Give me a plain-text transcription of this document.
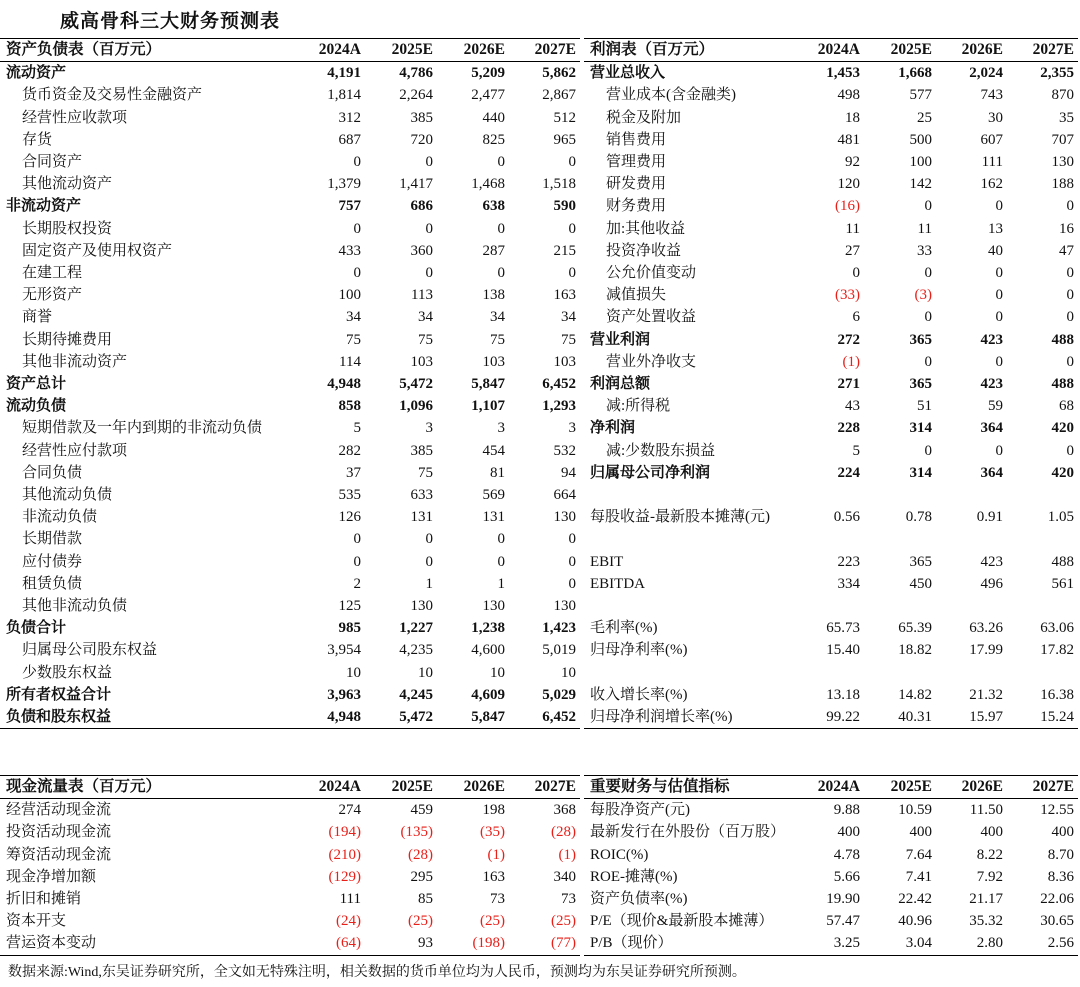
威高骨科三大财务预测表
资产负债表（百万元）	2024A	2025E	2026E	2027E
流动资产	4,191	4,786	5,209	5,862
货币资金及交易性金融资产	1,814	2,264	2,477	2,867
经营性应收款项	312	385	440	512
存货	687	720	825	965
合同资产	0	0	0	0
其他流动资产	1,379	1,417	1,468	1,518
非流动资产	757	686	638	590
长期股权投资	0	0	0	0
固定资产及使用权资产	433	360	287	215
在建工程	0	0	0	0
无形资产	100	113	138	163
商誉	34	34	34	34
长期待摊费用	75	75	75	75
其他非流动资产	114	103	103	103
资产总计	4,948	5,472	5,847	6,452
流动负债	858	1,096	1,107	1,293
短期借款及一年内到期的非流动负债	5	3	3	3
经营性应付款项	282	385	454	532
合同负债	37	75	81	94
其他流动负债	535	633	569	664
非流动负债	126	131	131	130
长期借款	0	0	0	0
应付债券	0	0	0	0
租赁负债	2	1	1	0
其他非流动负债	125	130	130	130
负债合计	985	1,227	1,238	1,423
归属母公司股东权益	3,954	4,235	4,600	5,019
少数股东权益	10	10	10	10
所有者权益合计	3,963	4,245	4,609	5,029
负债和股东权益	4,948	5,472	5,847	6,452
利润表（百万元）	2024A	2025E	2026E	2027E
营业总收入	1,453	1,668	2,024	2,355
营业成本(含金融类)	498	577	743	870
税金及附加	18	25	30	35
销售费用	481	500	607	707
管理费用	92	100	111	130
研发费用	120	142	162	188
财务费用	(16)	0	0	0
加:其他收益	11	11	13	16
投资净收益	27	33	40	47
公允价值变动	0	0	0	0
减值损失	(33)	(3)	0	0
资产处置收益	6	0	0	0
营业利润	272	365	423	488
营业外净收支	(1)	0	0	0
利润总额	271	365	423	488
减:所得税	43	51	59	68
净利润	228	314	364	420
减:少数股东损益	5	0	0	0
归属母公司净利润	224	314	364	420

每股收益-最新股本摊薄(元)	0.56	0.78	0.91	1.05

EBIT	223	365	423	488
EBITDA	334	450	496	561

毛利率(%)	65.73	65.39	63.26	63.06
归母净利率(%)	15.40	18.82	17.99	17.82

收入增长率(%)	13.18	14.82	21.32	16.38
归母净利润增长率(%)	99.22	40.31	15.97	15.24
现金流量表（百万元）	2024A	2025E	2026E	2027E
经营活动现金流	274	459	198	368
投资活动现金流	(194)	(135)	(35)	(28)
筹资活动现金流	(210)	(28)	(1)	(1)
现金净增加额	(129)	295	163	340
折旧和摊销	111	85	73	73
资本开支	(24)	(25)	(25)	(25)
营运资本变动	(64)	93	(198)	(77)
重要财务与估值指标	2024A	2025E	2026E	2027E
每股净资产(元)	9.88	10.59	11.50	12.55
最新发行在外股份（百万股）	400	400	400	400
ROIC(%)	4.78	7.64	8.22	8.70
ROE-摊薄(%)	5.66	7.41	7.92	8.36
资产负债率(%)	19.90	22.42	21.17	22.06
P/E（现价&最新股本摊薄）	57.47	40.96	35.32	30.65
P/B（现价）	3.25	3.04	2.80	2.56
数据来源:Wind,东吴证券研究所，全文如无特殊注明，相关数据的货币单位均为人民币，预测均为东吴证券研究所预测。
